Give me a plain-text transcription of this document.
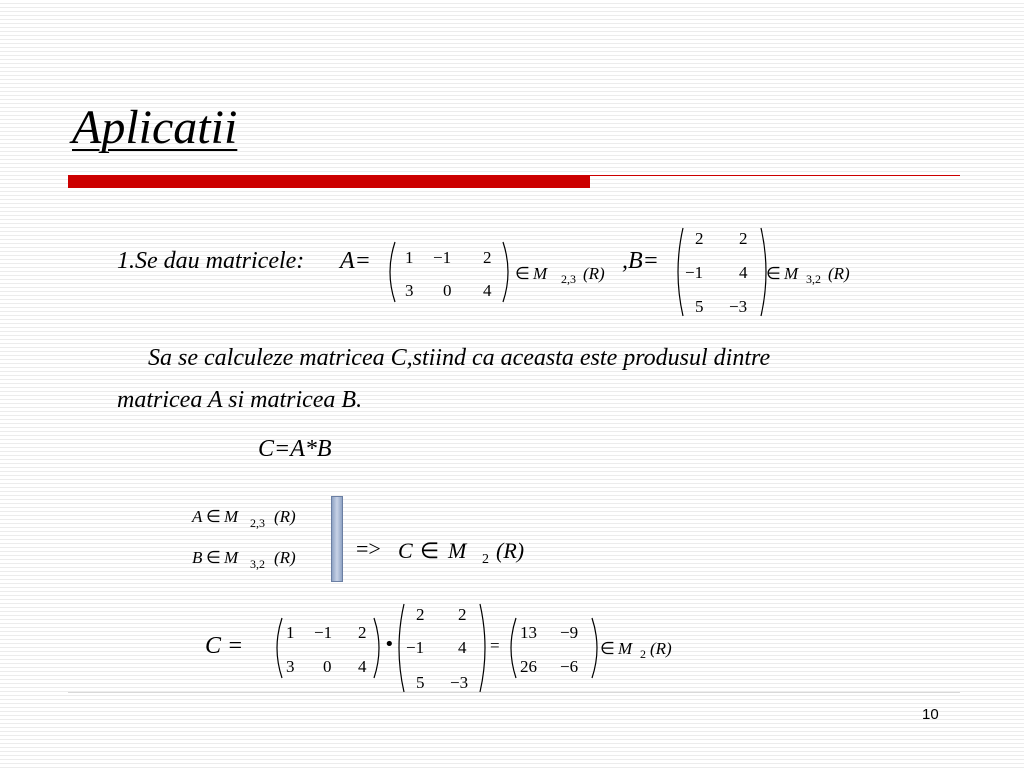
Aplicatii
1.Se dau matricele: A= 1 −1 2
3 0 4
∈ M 2,3 (R) ,B=
2 2
−1 4
5 −3
∈ M 3,2 (R)
Sa se calculeze matricea C,stiind ca aceasta este produsul dintre
matricea A si matricea B.
C=A*B
A ∈ M 2,3 (R)
B ∈ M 3,2 (R)	=> C ∈ M 2 (R)
C =
1 −1 2
3 0 4
•
2 2
−1 4
5 −3
=
13 −9
26 −6
∈ M 2 (R)
10
